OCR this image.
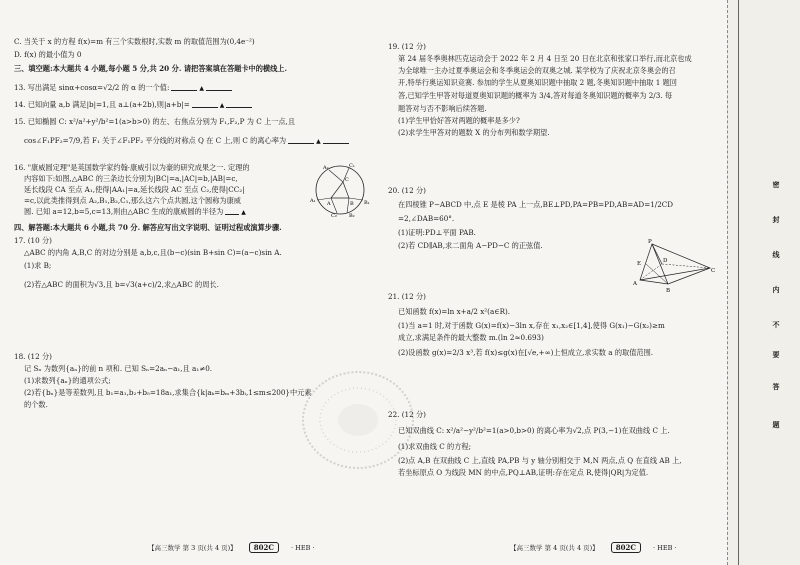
C. 当关于 x 的方程 f(x)=m 有三个实数根时,实数 m 的取值范围为(0,4e⁻²)
D. f(x) 的最小值为 0
三、填空题:本大题共 4 小题,每小题 5 分,共 20 分. 请把答案填在答题卡中的横线上.
13. 写出满足 sinα+cosα=√2/2 的 α 的一个值:	▲
14. 已知向量 a,b 满足|b|=1,且 a⊥(a+2b),则|a+b|=	▲
15. 已知椭圆 C: x²/a²+y²/b²=1(a>b>0) 的左、右焦点分别为 F₁,F₂,P 为 C 上一点,且
cos∠F₁PF₂=7/9,若 F₁ 关于∠F₁PF₂ 平分线的对称点 Q 在 C 上,则 C 的离心率为	▲
16. "康威圆定理"是英国数学家约翰·康威引以为豪的研究成果之一. 定理的
内容如下:如图,△ABC 的三条边长分别为|BC|=a,|AC|=b,|AB|=c,
延长线段 CA 至点 A₁,使得|AA₁|=a,延长线段 AC 至点 C₂,使得|CC₂|
=c,以此类推得到点 A₂,B₁,B₂,C₁,那么这六个点共圆,这个圆称为康威
圆. 已知 a=12,b=5,c=13,则由△ABC 生成的康威圆的半径为	▲
A₁ A	B B₁
C
C₁
A₂
B₂
C₂
四、解答题:本大题共 6 小题,共 70 分. 解答应写出文字说明、证明过程或演算步骤.
17. (10 分)
△ABC 的内角 A,B,C 的对边分别是 a,b,c,且(b−c)(sin B+sin C)=(a−c)sin A.
(1)求 B;
(2)若△ABC 的面积为√3,且 b=√3(a+c)/2,求△ABC 的周长.
18. (12 分)
记 Sₙ 为数列{aₙ}的前 n 项和. 已知 Sₙ=2aₙ−a₁,且 a₁≠0.
(1)求数列{aₙ}的通项公式;
(2)若{bₙ}是等差数列,且 b₁=a₁,b₂+b₅=18a₁,求集合{k|aₖ=bₘ+3bᵢ,1≤m≤200}中元素
的个数.
19. (12 分)
第 24 届冬季奥林匹克运动会于 2022 年 2 月 4 日至 20 日在北京和张家口举行,而北京也成
为全球唯一主办过夏季奥运会和冬季奥运会的双奥之城. 某学校为了庆祝北京冬奥会的召
开,特举行奥运知识竞赛. 参加的学生从夏奥知识题中抽取 2 题,冬奥知识题中抽取 1 题回
答,已知学生甲答对每道夏奥知识题的概率为 3/4,答对每道冬奥知识题的概率为 2/3. 每
题答对与否不影响后续答题.
(1)学生甲恰好答对两题的概率是多少?
(2)求学生甲答对的题数 X 的分布列和数学期望.
20. (12 分)
在四棱锥 P−ABCD 中,点 E 是棱 PA 上一点,BE⊥PD,PA=PB=PD,AB=AD=1/2CD
=2,∠DAB=60°.
(1)证明:PD⊥平面 PAB.
(2)若 CD∥AB,求二面角 A−PD−C 的正弦值.	P
E
A
B
D
C
21. (12 分)
已知函数 f(x)=ln x+a/2 x²(a∈R).
(1)当 a=1 时,对于函数 G(x)=f(x)−3ln x,存在 x₁,x₂∈[1,4],使得 G(x₁)−G(x₂)≥m
成立,求满足条件的最大整数 m.(ln 2≈0.693)
(2)设函数 g(x)=2/3 x³,若 f(x)≤g(x)在[√e,+∞)上恒成立,求实数 a 的取值范围.
22. (12 分)
已知双曲线 C: x²/a²−y²/b²=1(a>0,b>0) 的离心率为√2,点 P(3,−1)在双曲线 C 上.
(1)求双曲线 C 的方程;
(2)点 A,B 在双曲线 C 上,直线 PA,PB 与 y 轴分别相交于 M,N 两点,点 Q 在直线 AB 上,
若坐标原点 O 为线段 MN 的中点,PQ⊥AB,证明:存在定点 R,使得|QR|为定值.
【高三数学 第 3 页(共 4 页)】 802C	· HEB ·	【高三数学 第 4 页(共 4 页)】 802C	· HEB ·
密
封
线
内
不
要
答
题
